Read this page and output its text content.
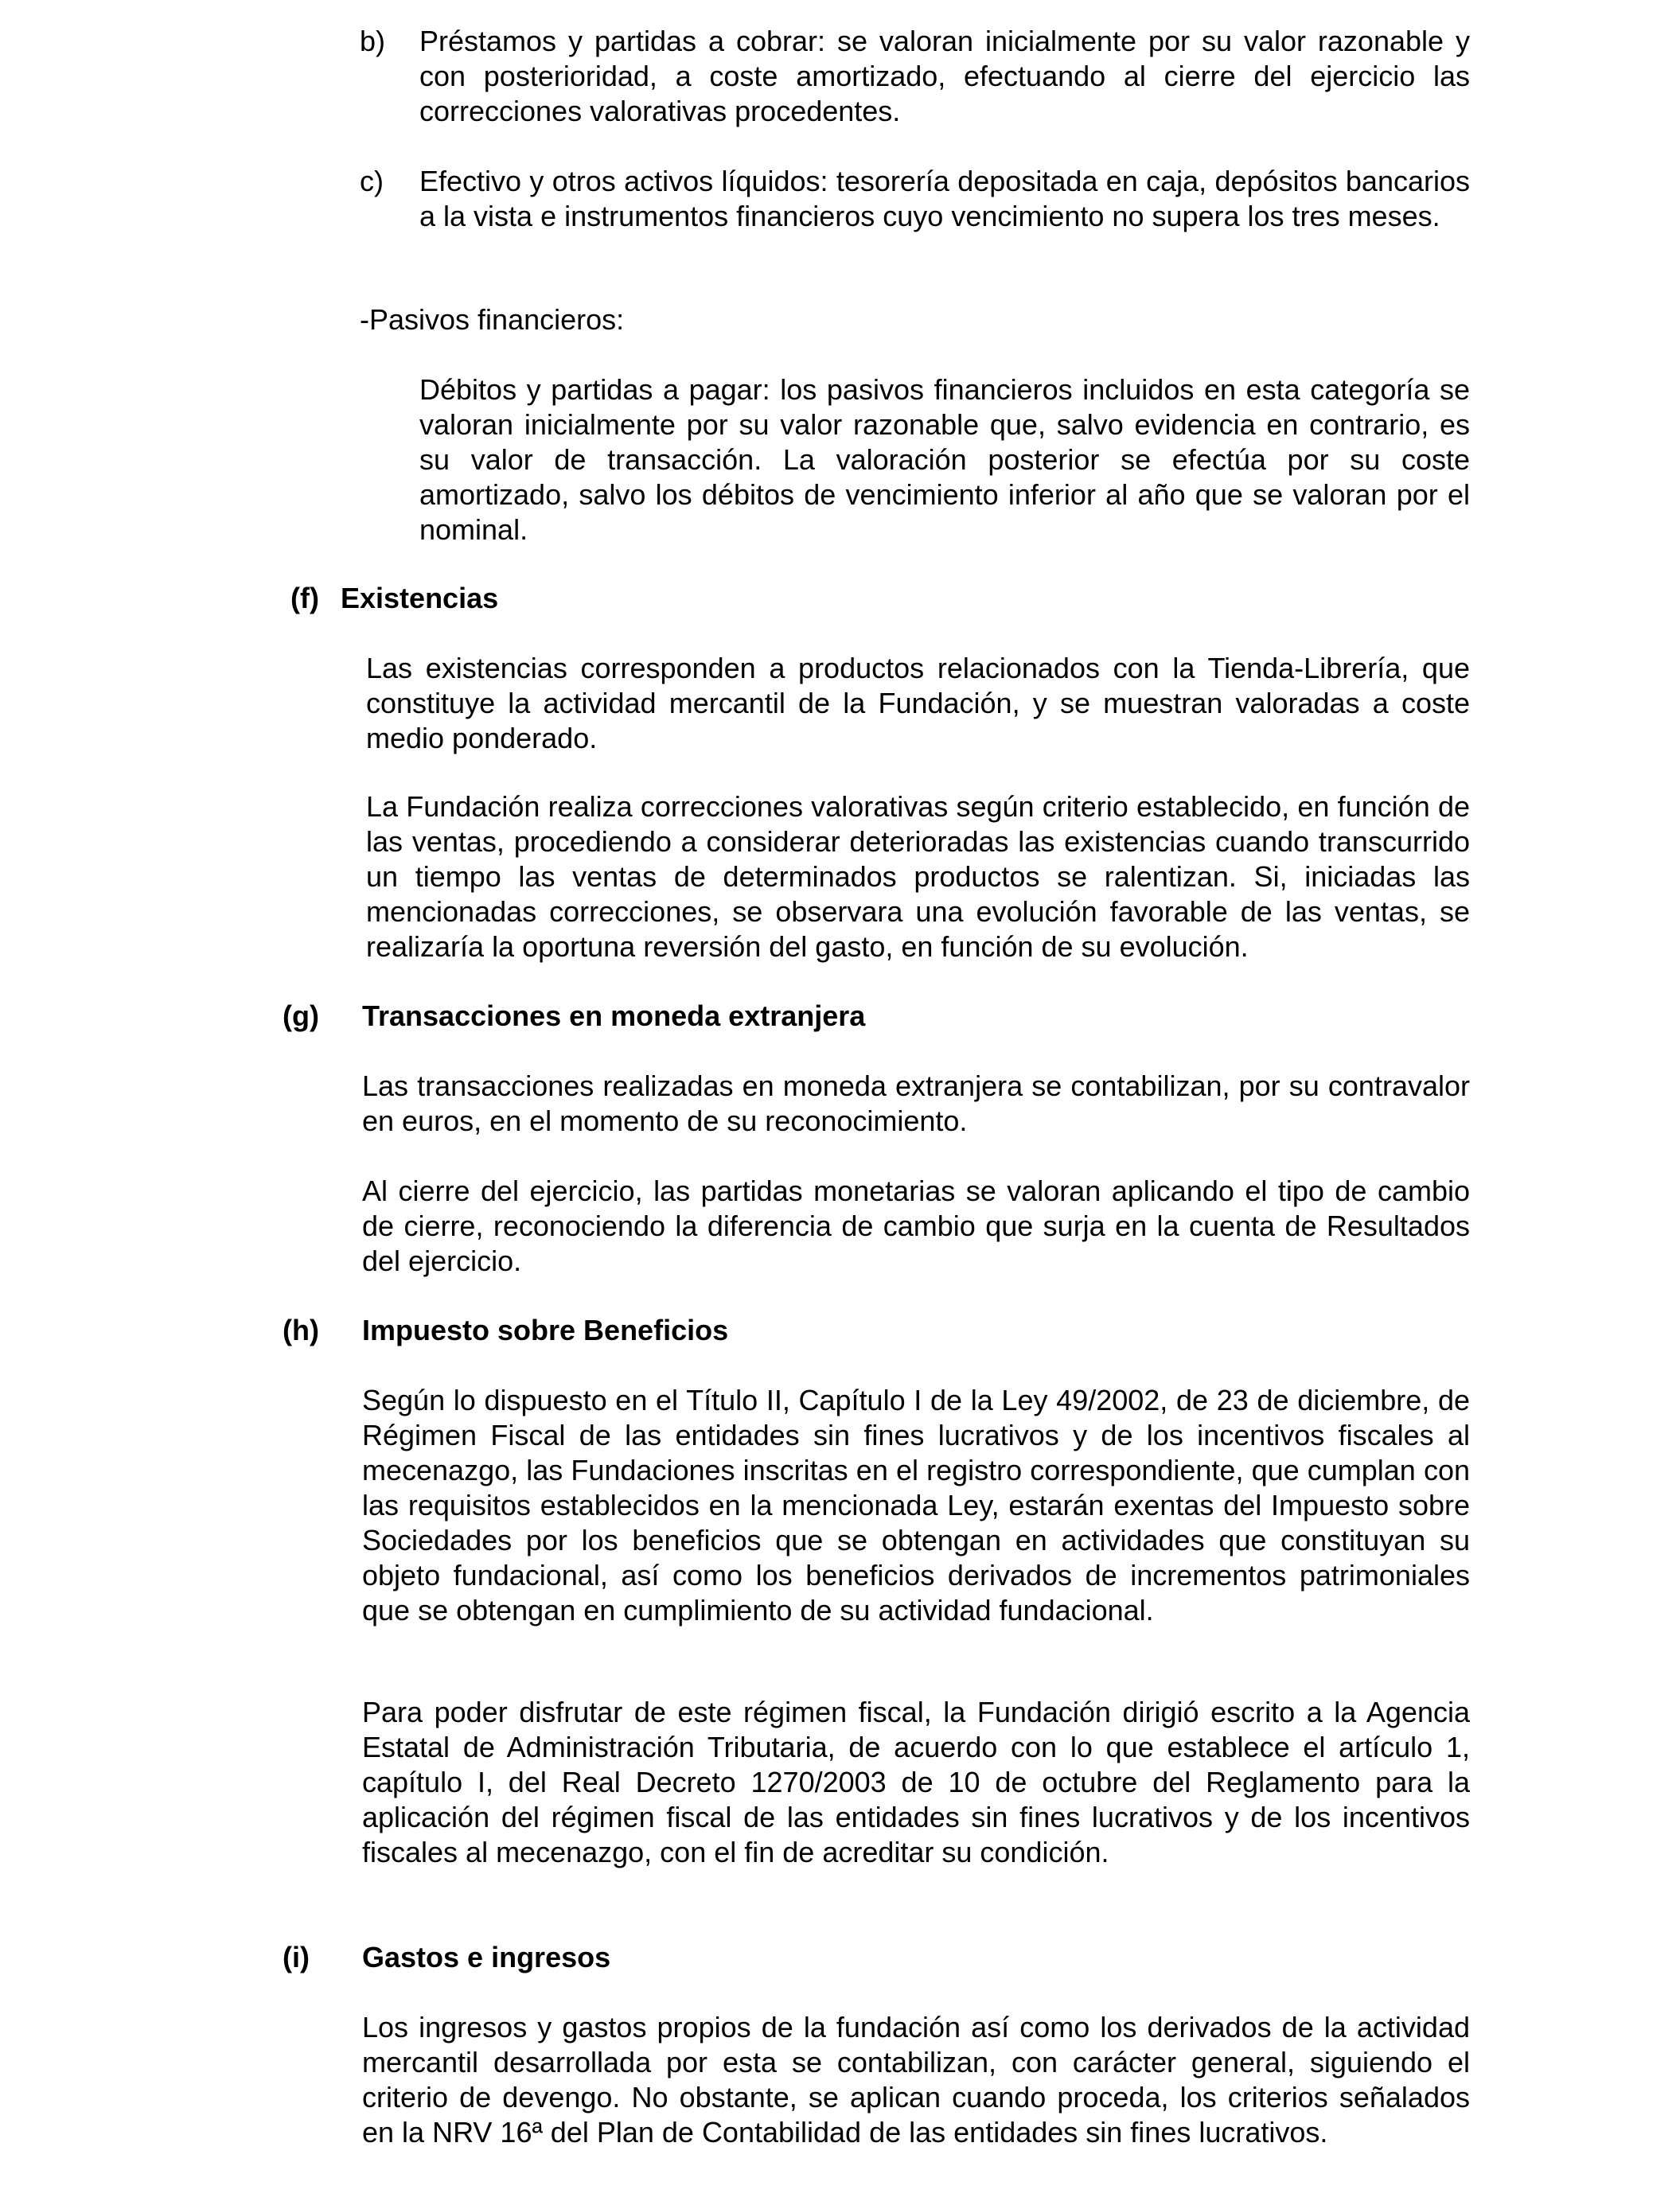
b) Préstamos y partidas a cobrar: se valoran inicialmente por su valor razonable y con posterioridad, a coste amortizado, efectuando al cierre del ejercicio las correcciones valorativas procedentes.

c) Efectivo y otros activos líquidos: tesorería depositada en caja, depósitos bancarios a la vista e instrumentos financieros cuyo vencimiento no supera los tres meses.

-Pasivos financieros:

Débitos y partidas a pagar: los pasivos financieros incluidos en esta categoría se valoran inicialmente por su valor razonable que, salvo evidencia en contrario, es su valor de transacción. La valoración posterior se efectúa por su coste amortizado, salvo los débitos de vencimiento inferior al año que se valoran por el nominal.

(f) Existencias

Las existencias corresponden a productos relacionados con la Tienda-Librería, que constituye la actividad mercantil de la Fundación, y se muestran valoradas a coste medio ponderado.

La Fundación realiza correcciones valorativas según criterio establecido, en función de las ventas, procediendo a considerar deterioradas las existencias cuando transcurrido un tiempo las ventas de determinados productos se ralentizan. Si, iniciadas las mencionadas correcciones, se observara una evolución favorable de las ventas, se realizaría la oportuna reversión del gasto, en función de su evolución.

(g) Transacciones en moneda extranjera

Las transacciones realizadas en moneda extranjera se contabilizan, por su contravalor en euros, en el momento de su reconocimiento.

Al cierre del ejercicio, las partidas monetarias se valoran aplicando el tipo de cambio de cierre, reconociendo la diferencia de cambio que surja en la cuenta de Resultados del ejercicio.

(h) Impuesto sobre Beneficios

Según lo dispuesto en el Título II, Capítulo I de la Ley 49/2002, de 23 de diciembre, de Régimen Fiscal de las entidades sin fines lucrativos y de los incentivos fiscales al mecenazgo, las Fundaciones inscritas en el registro correspondiente, que cumplan con las requisitos establecidos en la mencionada Ley, estarán exentas del Impuesto sobre Sociedades por los beneficios que se obtengan en actividades que constituyan su objeto fundacional, así como los beneficios derivados de incrementos patrimoniales que se obtengan en cumplimiento de su actividad fundacional.

Para poder disfrutar de este régimen fiscal, la Fundación dirigió escrito a la Agencia Estatal de Administración Tributaria, de acuerdo con lo que establece el artículo 1, capítulo I, del Real Decreto 1270/2003 de 10 de octubre del Reglamento para la aplicación del régimen fiscal de las entidades sin fines lucrativos y de los incentivos fiscales al mecenazgo, con el fin de acreditar su condición.

(i) Gastos e ingresos

Los ingresos y gastos propios de la fundación así como los derivados de la actividad mercantil desarrollada por esta se contabilizan, con carácter general, siguiendo el criterio de devengo. No obstante, se aplican cuando proceda, los criterios señalados en la NRV 16ª del Plan de Contabilidad de las entidades sin fines lucrativos.
